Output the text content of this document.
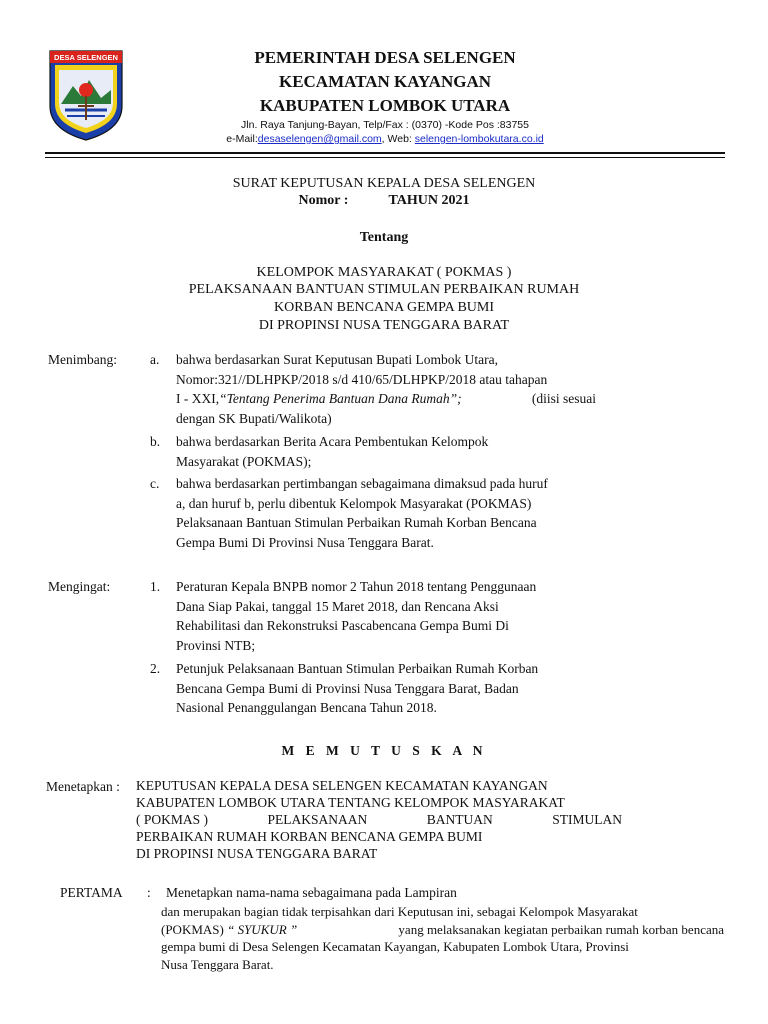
DESA SELENGEN	PEMERINTAH DESA SELENGEN
KECAMATAN KAYANGAN
KABUPATEN LOMBOK UTARA
Jln. Raya Tanjung-Bayan, Telp/Fax : (0370) -Kode Pos :83755
e-Mail:desaselengen@gmail.com, Web: selengen-lombokutara.co.id
SURAT KEPUTUSAN KEPALA DESA SELENGEN
Nomor :	TAHUN 2021
Tentang
KELOMPOK MASYARAKAT ( POKMAS )
PELAKSANAAN BANTUAN STIMULAN PERBAIKAN RUMAH
KORBAN BENCANA GEMPA BUMI
DI PROPINSI NUSA TENGGARA BARAT
Menimbang: a. bahwa berdasarkan Surat Keputusan Bupati Lombok Utara,
Nomor:321//DLHPKP/2018 s/d 410/65/DLHPKP/2018 atau tahapan
I - XXI,“Tentang Penerima Bantuan Dana Rumah”;	(diisi sesuai
dengan SK Bupati/Walikota)
b. bahwa berdasarkan Berita Acara Pembentukan Kelompok
Masyarakat (POKMAS);
c. bahwa berdasarkan pertimbangan sebagaimana dimaksud pada huruf
a, dan huruf b, perlu dibentuk Kelompok Masyarakat (POKMAS)
Pelaksanaan Bantuan Stimulan Perbaikan Rumah Korban Bencana
Gempa Bumi Di Provinsi Nusa Tenggara Barat.
Mengingat:	1. Peraturan Kepala BNPB nomor 2 Tahun 2018 tentang Penggunaan
Dana Siap Pakai, tanggal 15 Maret 2018, dan Rencana Aksi
Rehabilitasi dan Rekonstruksi Pascabencana Gempa Bumi Di
Provinsi NTB;
2. Petunjuk Pelaksanaan Bantuan Stimulan Perbaikan Rumah Korban
Bencana Gempa Bumi di Provinsi Nusa Tenggara Barat, Badan
Nasional Penanggulangan Bencana Tahun 2018.
M E M U T U S K A N
Menetapkan : KEPUTUSAN KEPALA DESA SELENGEN KECAMATAN KAYANGAN
KABUPATEN LOMBOK UTARA TENTANG KELOMPOK MASYARAKAT
( POKMAS )	PELAKSANAAN	BANTUAN	STIMULAN
PERBAIKAN RUMAH KORBAN BENCANA GEMPA BUMI
DI PROPINSI NUSA TENGGARA BARAT
PERTAMA : Menetapkan nama-nama sebagaimana pada Lampiran
dan merupakan bagian tidak terpisahkan dari Keputusan ini, sebagai Kelompok Masyarakat
(POKMAS) “ SYUKUR ”	yang melaksanakan kegiatan perbaikan rumah korban bencana
gempa bumi di Desa Selengen Kecamatan Kayangan, Kabupaten Lombok Utara, Provinsi
Nusa Tenggara Barat.
